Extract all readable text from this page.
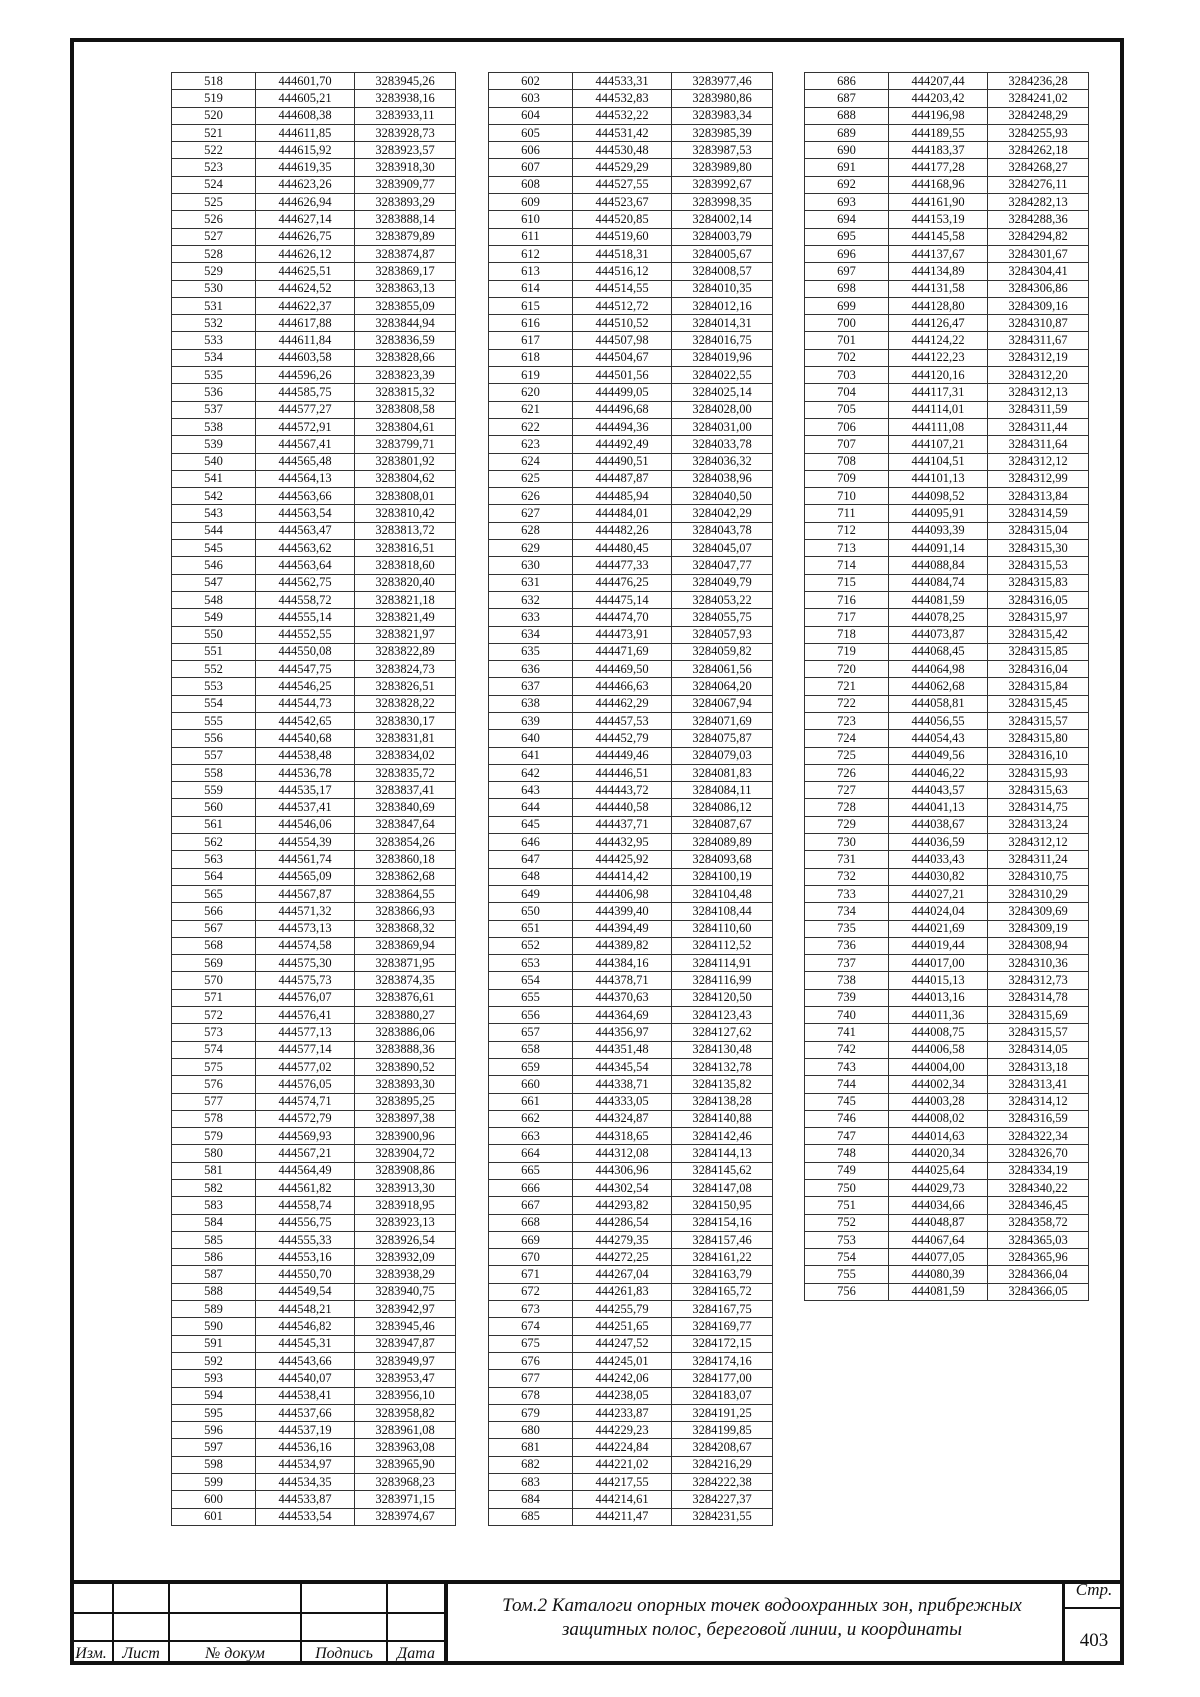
518	444601,70	3283945,26
519	444605,21	3283938,16
520	444608,38	3283933,11
521	444611,85	3283928,73
522	444615,92	3283923,57
523	444619,35	3283918,30
524	444623,26	3283909,77
525	444626,94	3283893,29
526	444627,14	3283888,14
527	444626,75	3283879,89
528	444626,12	3283874,87
529	444625,51	3283869,17
530	444624,52	3283863,13
531	444622,37	3283855,09
532	444617,88	3283844,94
533	444611,84	3283836,59
534	444603,58	3283828,66
535	444596,26	3283823,39
536	444585,75	3283815,32
537	444577,27	3283808,58
538	444572,91	3283804,61
539	444567,41	3283799,71
540	444565,48	3283801,92
541	444564,13	3283804,62
542	444563,66	3283808,01
543	444563,54	3283810,42
544	444563,47	3283813,72
545	444563,62	3283816,51
546	444563,64	3283818,60
547	444562,75	3283820,40
548	444558,72	3283821,18
549	444555,14	3283821,49
550	444552,55	3283821,97
551	444550,08	3283822,89
552	444547,75	3283824,73
553	444546,25	3283826,51
554	444544,73	3283828,22
555	444542,65	3283830,17
556	444540,68	3283831,81
557	444538,48	3283834,02
558	444536,78	3283835,72
559	444535,17	3283837,41
560	444537,41	3283840,69
561	444546,06	3283847,64
562	444554,39	3283854,26
563	444561,74	3283860,18
564	444565,09	3283862,68
565	444567,87	3283864,55
566	444571,32	3283866,93
567	444573,13	3283868,32
568	444574,58	3283869,94
569	444575,30	3283871,95
570	444575,73	3283874,35
571	444576,07	3283876,61
572	444576,41	3283880,27
573	444577,13	3283886,06
574	444577,14	3283888,36
575	444577,02	3283890,52
576	444576,05	3283893,30
577	444574,71	3283895,25
578	444572,79	3283897,38
579	444569,93	3283900,96
580	444567,21	3283904,72
581	444564,49	3283908,86
582	444561,82	3283913,30
583	444558,74	3283918,95
584	444556,75	3283923,13
585	444555,33	3283926,54
586	444553,16	3283932,09
587	444550,70	3283938,29
588	444549,54	3283940,75
589	444548,21	3283942,97
590	444546,82	3283945,46
591	444545,31	3283947,87
592	444543,66	3283949,97
593	444540,07	3283953,47
594	444538,41	3283956,10
595	444537,66	3283958,82
596	444537,19	3283961,08
597	444536,16	3283963,08
598	444534,97	3283965,90
599	444534,35	3283968,23
600	444533,87	3283971,15
601	444533,54	3283974,67
602	444533,31	3283977,46
603	444532,83	3283980,86
604	444532,22	3283983,34
605	444531,42	3283985,39
606	444530,48	3283987,53
607	444529,29	3283989,80
608	444527,55	3283992,67
609	444523,67	3283998,35
610	444520,85	3284002,14
611	444519,60	3284003,79
612	444518,31	3284005,67
613	444516,12	3284008,57
614	444514,55	3284010,35
615	444512,72	3284012,16
616	444510,52	3284014,31
617	444507,98	3284016,75
618	444504,67	3284019,96
619	444501,56	3284022,55
620	444499,05	3284025,14
621	444496,68	3284028,00
622	444494,36	3284031,00
623	444492,49	3284033,78
624	444490,51	3284036,32
625	444487,87	3284038,96
626	444485,94	3284040,50
627	444484,01	3284042,29
628	444482,26	3284043,78
629	444480,45	3284045,07
630	444477,33	3284047,77
631	444476,25	3284049,79
632	444475,14	3284053,22
633	444474,70	3284055,75
634	444473,91	3284057,93
635	444471,69	3284059,82
636	444469,50	3284061,56
637	444466,63	3284064,20
638	444462,29	3284067,94
639	444457,53	3284071,69
640	444452,79	3284075,87
641	444449,46	3284079,03
642	444446,51	3284081,83
643	444443,72	3284084,11
644	444440,58	3284086,12
645	444437,71	3284087,67
646	444432,95	3284089,89
647	444425,92	3284093,68
648	444414,42	3284100,19
649	444406,98	3284104,48
650	444399,40	3284108,44
651	444394,49	3284110,60
652	444389,82	3284112,52
653	444384,16	3284114,91
654	444378,71	3284116,99
655	444370,63	3284120,50
656	444364,69	3284123,43
657	444356,97	3284127,62
658	444351,48	3284130,48
659	444345,54	3284132,78
660	444338,71	3284135,82
661	444333,05	3284138,28
662	444324,87	3284140,88
663	444318,65	3284142,46
664	444312,08	3284144,13
665	444306,96	3284145,62
666	444302,54	3284147,08
667	444293,82	3284150,95
668	444286,54	3284154,16
669	444279,35	3284157,46
670	444272,25	3284161,22
671	444267,04	3284163,79
672	444261,83	3284165,72
673	444255,79	3284167,75
674	444251,65	3284169,77
675	444247,52	3284172,15
676	444245,01	3284174,16
677	444242,06	3284177,00
678	444238,05	3284183,07
679	444233,87	3284191,25
680	444229,23	3284199,85
681	444224,84	3284208,67
682	444221,02	3284216,29
683	444217,55	3284222,38
684	444214,61	3284227,37
685	444211,47	3284231,55
686	444207,44	3284236,28
687	444203,42	3284241,02
688	444196,98	3284248,29
689	444189,55	3284255,93
690	444183,37	3284262,18
691	444177,28	3284268,27
692	444168,96	3284276,11
693	444161,90	3284282,13
694	444153,19	3284288,36
695	444145,58	3284294,82
696	444137,67	3284301,67
697	444134,89	3284304,41
698	444131,58	3284306,86
699	444128,80	3284309,16
700	444126,47	3284310,87
701	444124,22	3284311,67
702	444122,23	3284312,19
703	444120,16	3284312,20
704	444117,31	3284312,13
705	444114,01	3284311,59
706	444111,08	3284311,44
707	444107,21	3284311,64
708	444104,51	3284312,12
709	444101,13	3284312,99
710	444098,52	3284313,84
711	444095,91	3284314,59
712	444093,39	3284315,04
713	444091,14	3284315,30
714	444088,84	3284315,53
715	444084,74	3284315,83
716	444081,59	3284316,05
717	444078,25	3284315,97
718	444073,87	3284315,42
719	444068,45	3284315,85
720	444064,98	3284316,04
721	444062,68	3284315,84
722	444058,81	3284315,45
723	444056,55	3284315,57
724	444054,43	3284315,80
725	444049,56	3284316,10
726	444046,22	3284315,93
727	444043,57	3284315,63
728	444041,13	3284314,75
729	444038,67	3284313,24
730	444036,59	3284312,12
731	444033,43	3284311,24
732	444030,82	3284310,75
733	444027,21	3284310,29
734	444024,04	3284309,69
735	444021,69	3284309,19
736	444019,44	3284308,94
737	444017,00	3284310,36
738	444015,13	3284312,73
739	444013,16	3284314,78
740	444011,36	3284315,69
741	444008,75	3284315,57
742	444006,58	3284314,05
743	444004,00	3284313,18
744	444002,34	3284313,41
745	444003,28	3284314,12
746	444008,02	3284316,59
747	444014,63	3284322,34
748	444020,34	3284326,70
749	444025,64	3284334,19
750	444029,73	3284340,22
751	444034,66	3284346,45
752	444048,87	3284358,72
753	444067,64	3284365,03
754	444077,05	3284365,96
755	444080,39	3284366,04
756	444081,59	3284366,05
Изм. Лист	№ докум	Подпись	Дата
Том.2 Каталоги опорных точек водоохранных зон, прибрежных защитных полос, береговой линии, и координаты
Стр.
403
